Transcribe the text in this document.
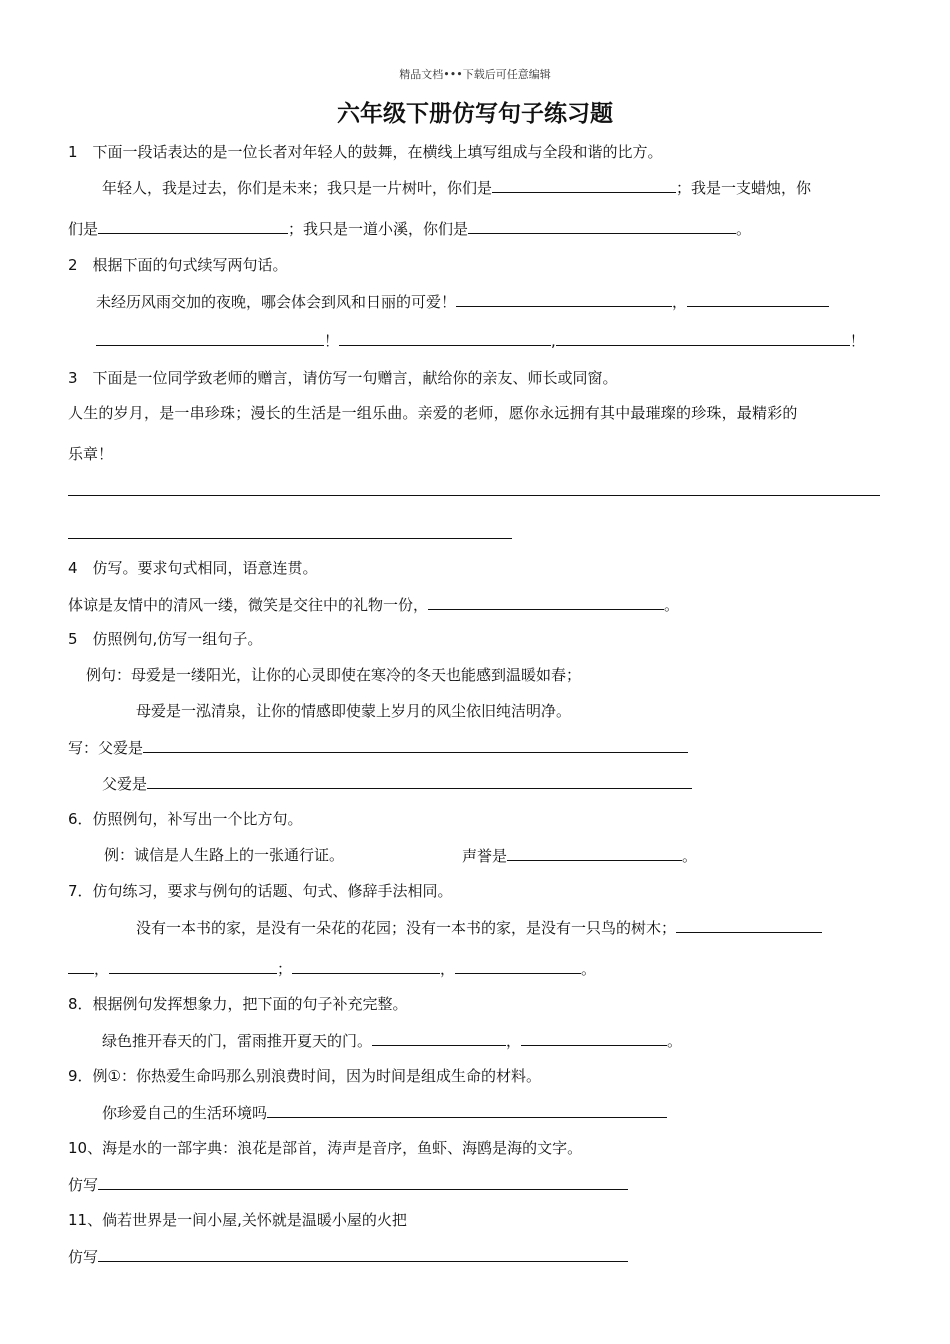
精品文档•••下载后可任意编辑
六年级下册仿写句子练习题
1　下面一段话表达的是一位长者对年轻人的鼓舞，在横线上填写组成与全段和谐的比方。
年轻人，我是过去，你们是未来；我只是一片树叶，你们是	；我是一支蜡烛，你
们是	；我只是一道小溪，你们是	。
2　根据下面的句式续写两句话。
未经历风雨交加的夜晚，哪会体会到风和日丽的可爱！	，
！	,	！
3　下面是一位同学致老师的赠言，请仿写一句赠言，献给你的亲友、师长或同窗。
人生的岁月，是一串珍珠；漫长的生活是一组乐曲。亲爱的老师，愿你永远拥有其中最璀璨的珍珠，最精彩的
乐章！
4　仿写。要求句式相同，语意连贯。
体谅是友情中的清风一缕，微笑是交往中的礼物一份，	。
5　仿照例句,仿写一组句子。
例句：母爱是一缕阳光，让你的心灵即使在寒冷的冬天也能感到温暖如春；
母爱是一泓清泉，让你的情感即使蒙上岁月的风尘依旧纯洁明净。
写：父爱是
父爱是
6．仿照例句，补写出一个比方句。
例：诚信是人生路上的一张通行证。	声誉是	。
7．仿句练习，要求与例句的话题、句式、修辞手法相同。
没有一本书的家，是没有一朵花的花园；没有一本书的家，是没有一只鸟的树木；
，	；	，	。
8．根据例句发挥想象力，把下面的句子补充完整。
绿色推开春天的门，雷雨推开夏天的门。	，	。
9．例①：你热爱生命吗那么别浪费时间，因为时间是组成生命的材料。
你珍爱自己的生活环境吗
10、海是水的一部字典：浪花是部首，涛声是音序，鱼虾、海鸥是海的文字。
仿写
11、倘若世界是一间小屋,关怀就是温暖小屋的火把
仿写
